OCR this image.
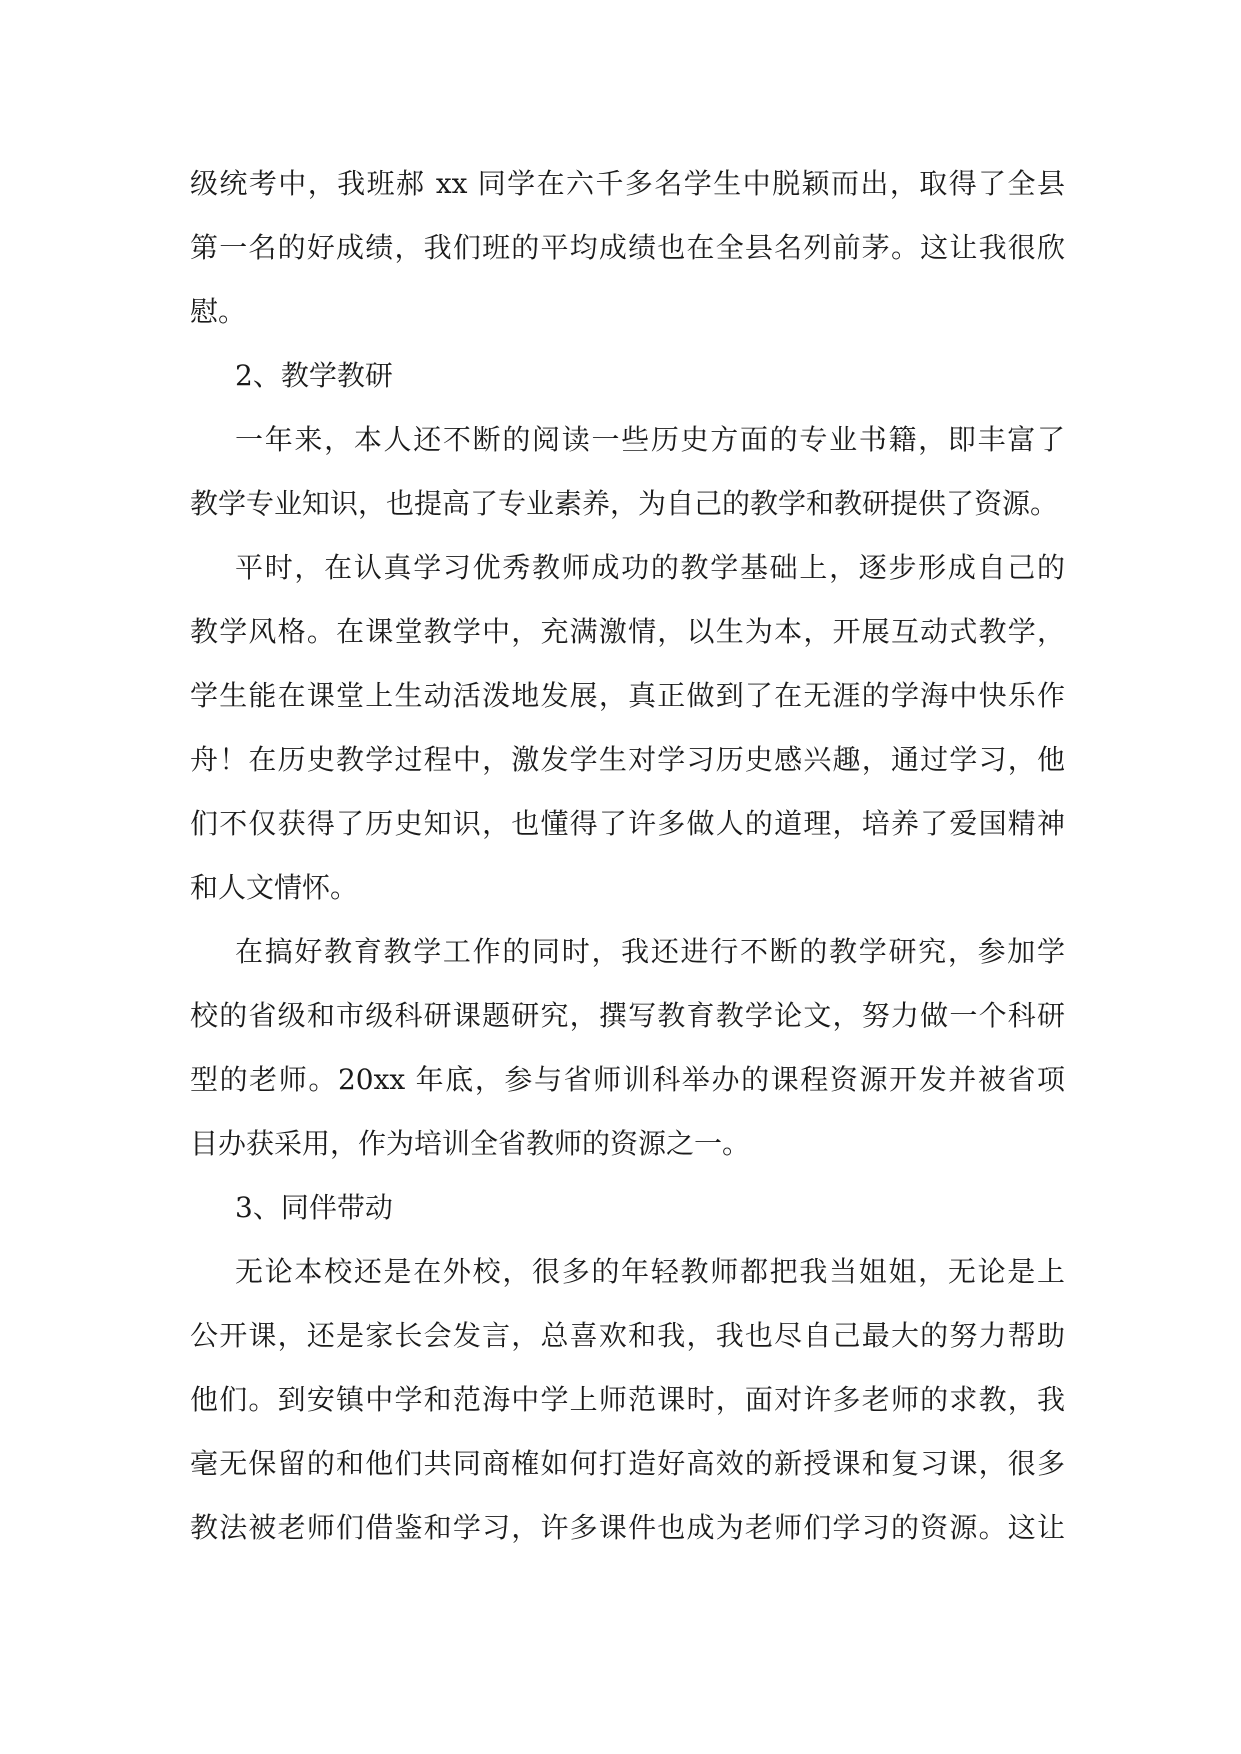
级统考中，我班郝 xx 同学在六千多名学生中脱颖而出，取得了全县
第一名的好成绩，我们班的平均成绩也在全县名列前茅。这让我很欣
慰。
2、教学教研
一年来，本人还不断的阅读一些历史方面的专业书籍，即丰富了
教学专业知识，也提高了专业素养，为自己的教学和教研提供了资源。
平时，在认真学习优秀教师成功的教学基础上，逐步形成自己的
教学风格。在课堂教学中，充满激情，以生为本，开展互动式教学，
学生能在课堂上生动活泼地发展，真正做到了在无涯的学海中快乐作
舟！在历史教学过程中，激发学生对学习历史感兴趣，通过学习，他
们不仅获得了历史知识，也懂得了许多做人的道理，培养了爱国精神
和人文情怀。
在搞好教育教学工作的同时，我还进行不断的教学研究，参加学
校的省级和市级科研课题研究，撰写教育教学论文，努力做一个科研
型的老师。20xx 年底，参与省师训科举办的课程资源开发并被省项
目办获采用，作为培训全省教师的资源之一。
3、同伴带动
无论本校还是在外校，很多的年轻教师都把我当姐姐，无论是上
公开课，还是家长会发言，总喜欢和我，我也尽自己最大的努力帮助
他们。到安镇中学和范海中学上师范课时，面对许多老师的求教，我
毫无保留的和他们共同商榷如何打造好高效的新授课和复习课，很多
教法被老师们借鉴和学习，许多课件也成为老师们学习的资源。这让
